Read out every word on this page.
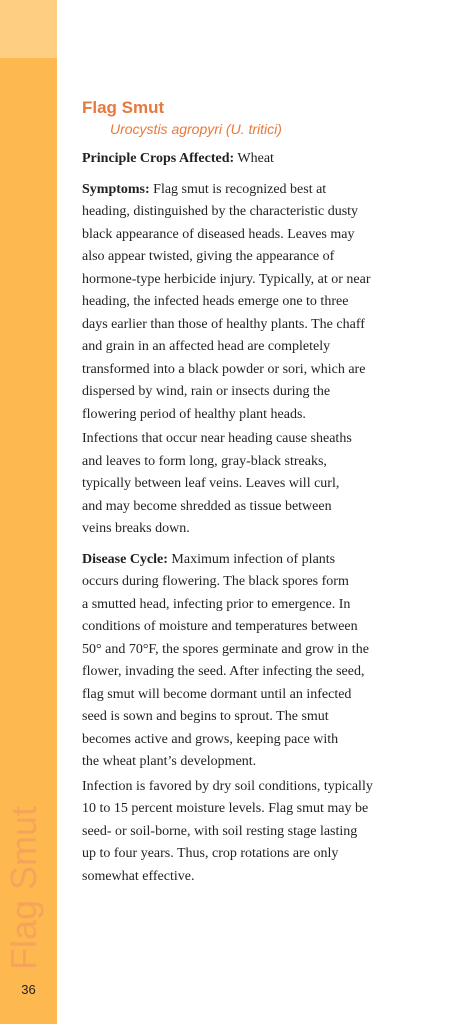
Flag Smut
36
Flag Smut
Urocystis agropyri (U. tritici)

Principle Crops Affected: Wheat

Symptoms: Flag smut is recognized best at
heading, distinguished by the characteristic dusty
black appearance of diseased heads. Leaves may
also appear twisted, giving the appearance of
hormone-type herbicide injury. Typically, at or near
heading, the infected heads emerge one to three
days earlier than those of healthy plants. The chaff
and grain in an affected head are completely
transformed into a black powder or sori, which are
dispersed by wind, rain or insects during the
flowering period of healthy plant heads.

Infections that occur near heading cause sheaths
and leaves to form long, gray-black streaks,
typically between leaf veins. Leaves will curl,
and may become shredded as tissue between
veins breaks down.

Disease Cycle: Maximum infection of plants
occurs during flowering. The black spores form
a smutted head, infecting prior to emergence. In
conditions of moisture and temperatures between
50° and 70°F, the spores germinate and grow in the
flower, invading the seed. After infecting the seed,
flag smut will become dormant until an infected
seed is sown and begins to sprout. The smut
becomes active and grows, keeping pace with
the wheat plant’s development.

Infection is favored by dry soil conditions, typically
10 to 15 percent moisture levels. Flag smut may be
seed- or soil-borne, with soil resting stage lasting
up to four years. Thus, crop rotations are only
somewhat effective.
